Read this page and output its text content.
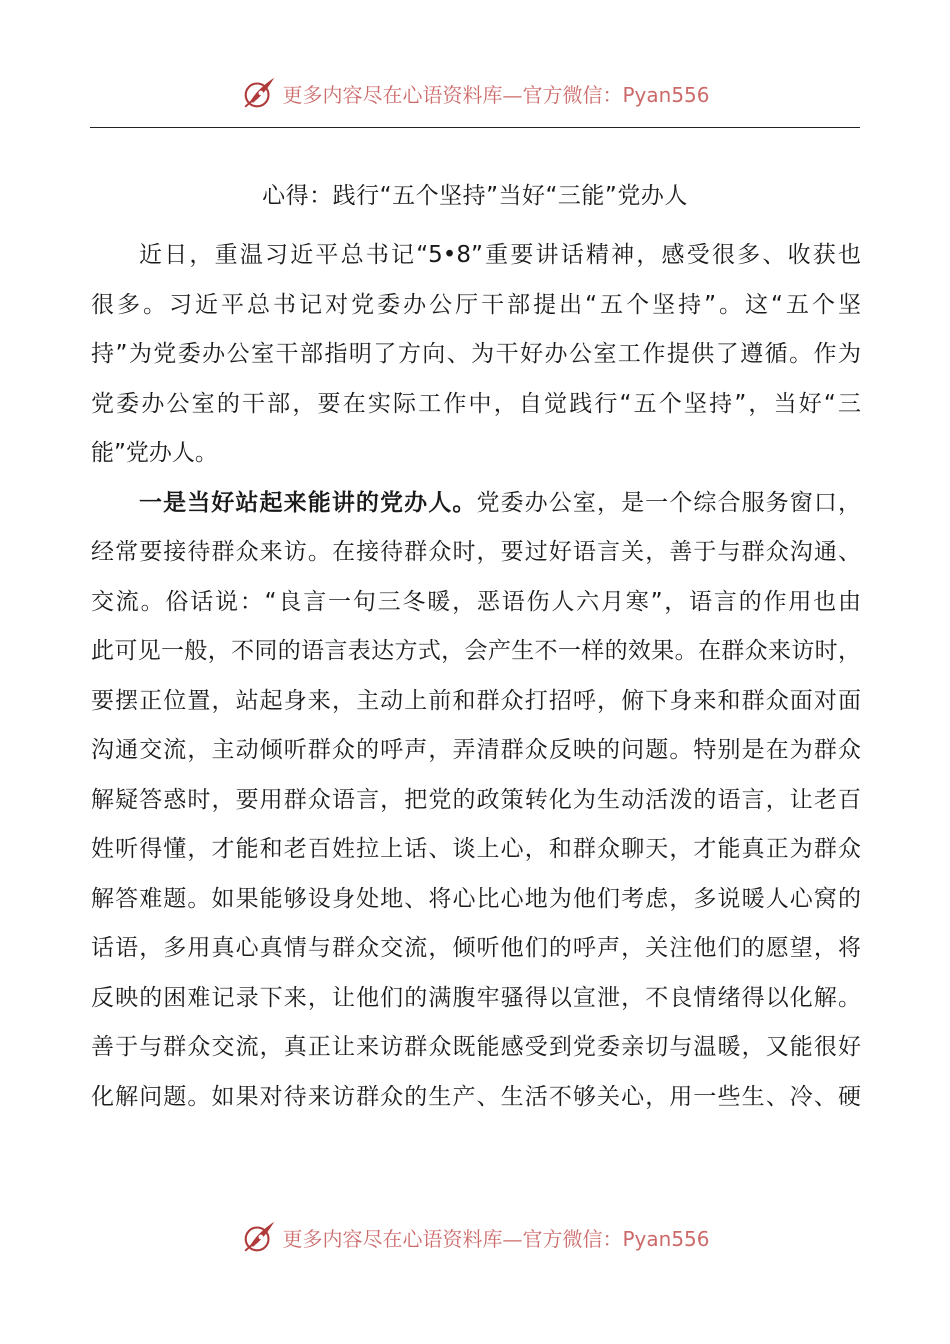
更多内容尽在心语资料库—官方微信：Pyan556
心得：践行“五个坚持”当好“三能”党办人
近日，重温习近平总书记“5•8”重要讲话精神，感受很多、收获也
很多。习近平总书记对党委办公厅干部提出“五个坚持”。这“五个坚
持”为党委办公室干部指明了方向、为干好办公室工作提供了遵循。作为
党委办公室的干部，要在实际工作中，自觉践行“五个坚持”，当好“三
能”党办人。
一是当好站起来能讲的党办人。党委办公室，是一个综合服务窗口，
经常要接待群众来访。在接待群众时，要过好语言关，善于与群众沟通、
交流。俗话说：“良言一句三冬暖，恶语伤人六月寒”，语言的作用也由
此可见一般，不同的语言表达方式，会产生不一样的效果。在群众来访时，
要摆正位置，站起身来，主动上前和群众打招呼，俯下身来和群众面对面
沟通交流，主动倾听群众的呼声，弄清群众反映的问题。特别是在为群众
解疑答惑时，要用群众语言，把党的政策转化为生动活泼的语言，让老百
姓听得懂，才能和老百姓拉上话、谈上心，和群众聊天，才能真正为群众
解答难题。如果能够设身处地、将心比心地为他们考虑，多说暖人心窝的
话语，多用真心真情与群众交流，倾听他们的呼声，关注他们的愿望，将
反映的困难记录下来，让他们的满腹牢骚得以宣泄，不良情绪得以化解。
善于与群众交流，真正让来访群众既能感受到党委亲切与温暖，又能很好
化解问题。如果对待来访群众的生产、生活不够关心，用一些生、冷、硬
更多内容尽在心语资料库—官方微信：Pyan556
